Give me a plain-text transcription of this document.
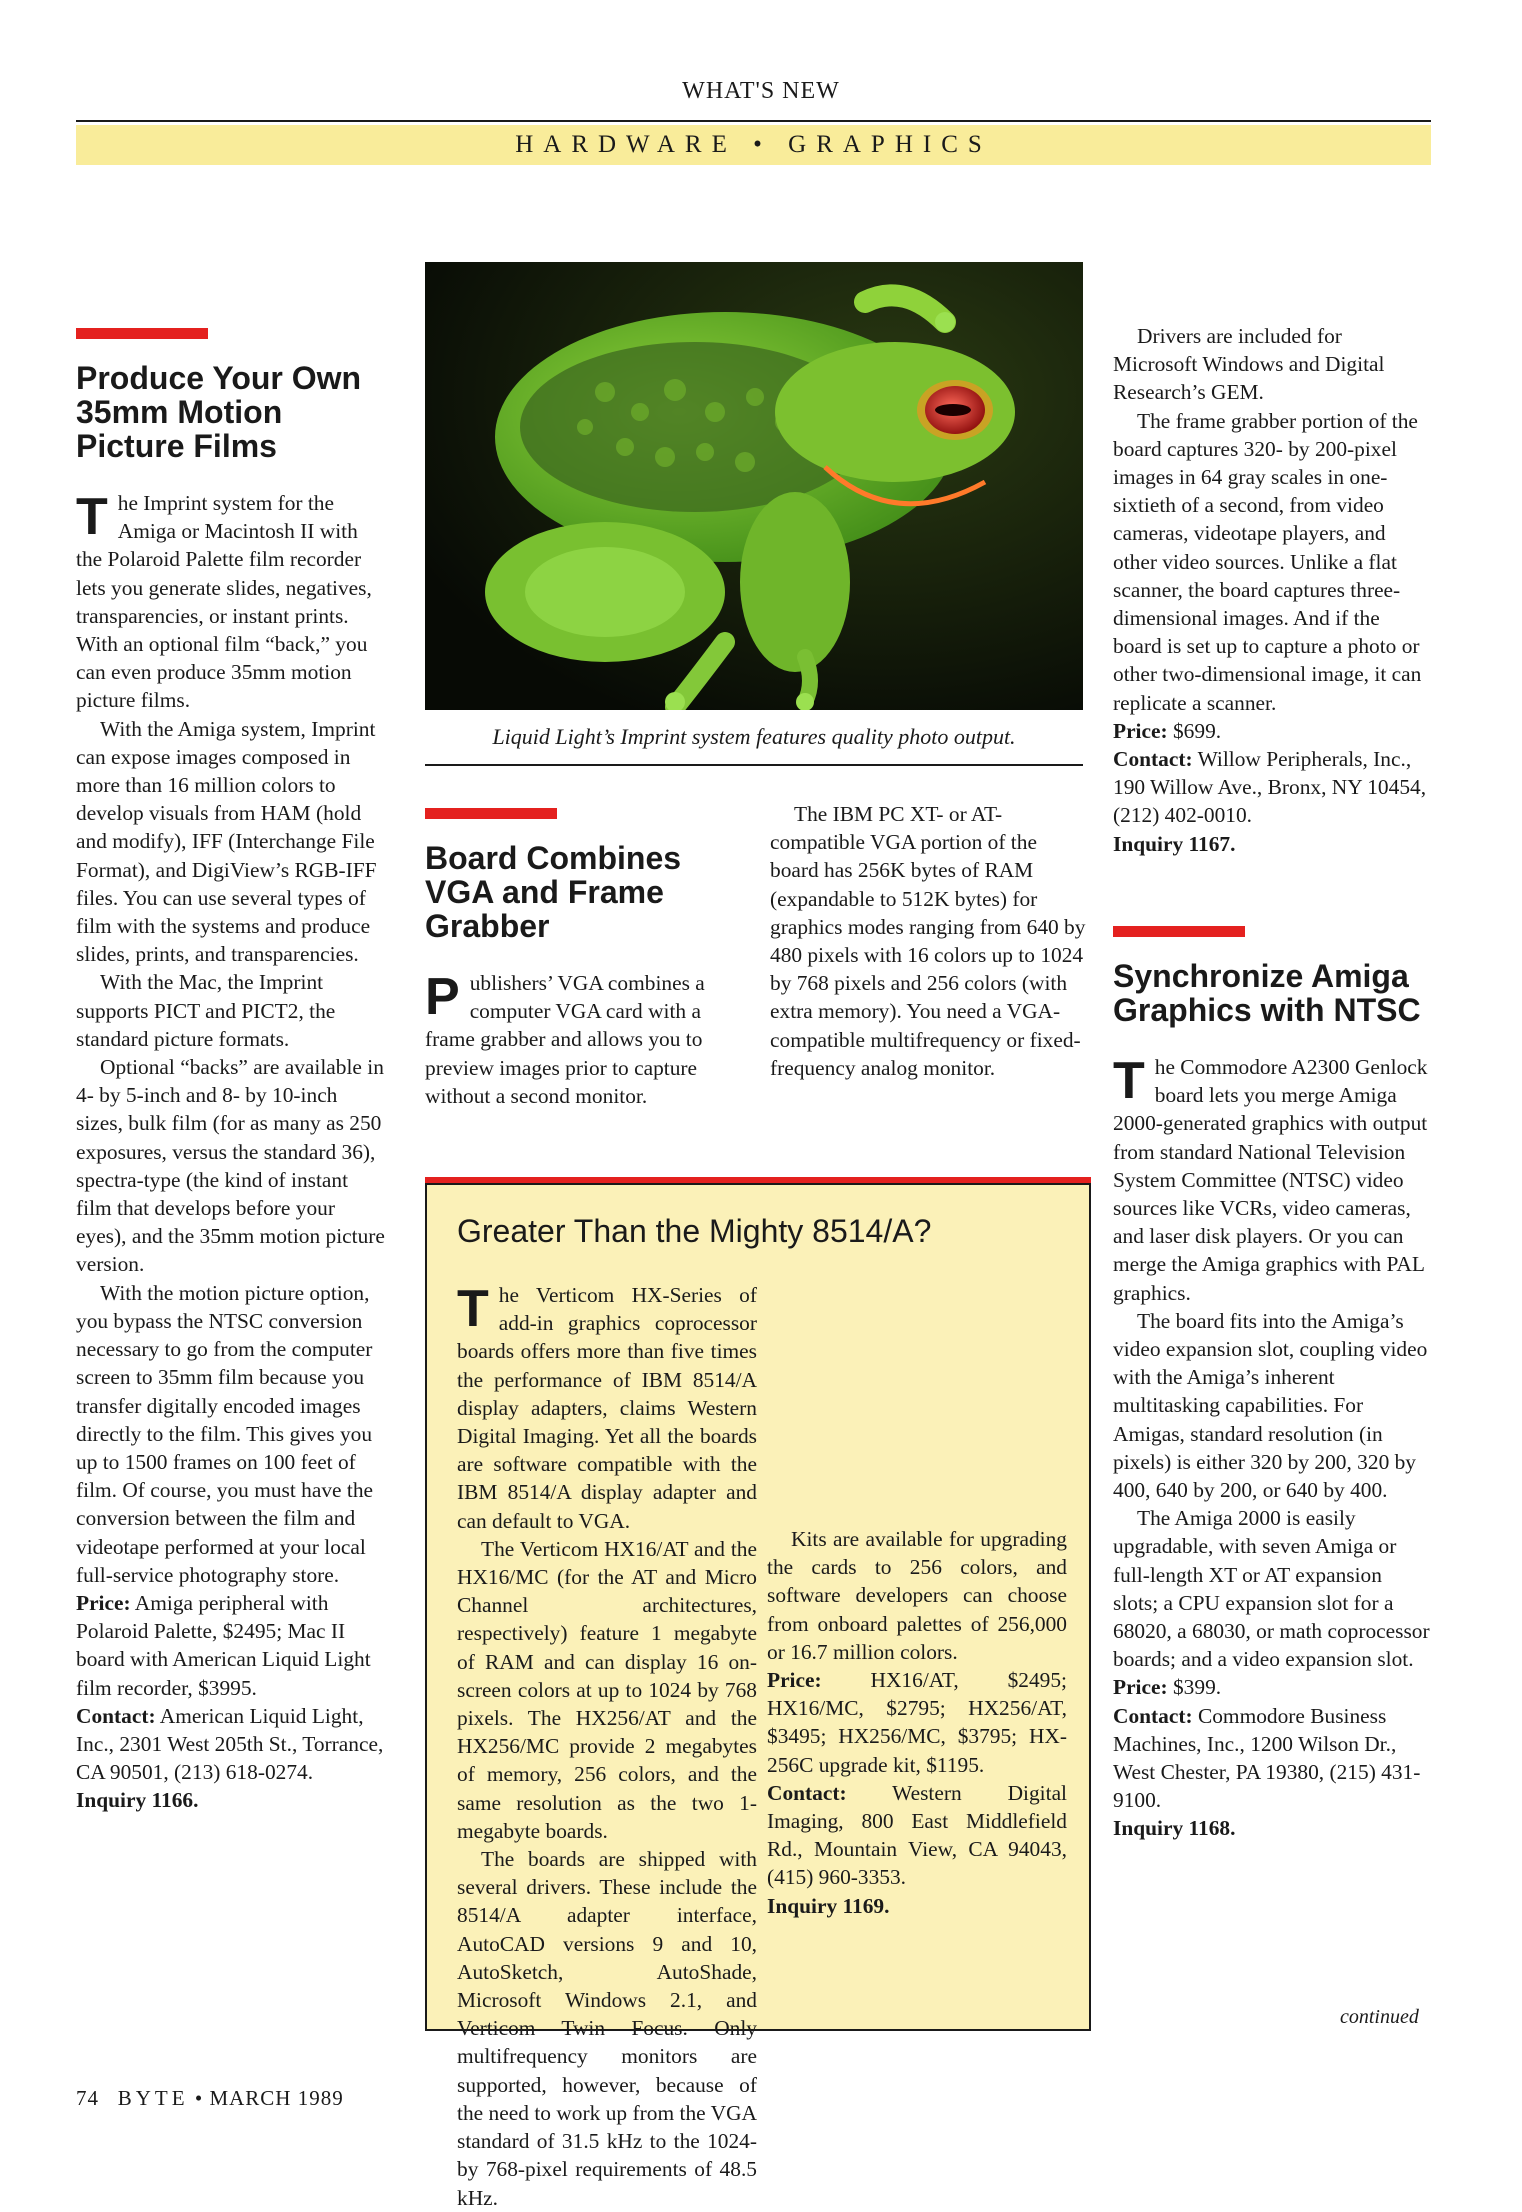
WHAT'S NEW
HARDWARE • GRAPHICS
Produce Your Own 35mm Motion Picture Films

The Imprint system for the Amiga or Macintosh II with the Polaroid Palette film recorder lets you generate slides, negatives, transparencies, or instant prints. With an optional film “back,” you can even produce 35mm motion picture films.

With the Amiga system, Imprint can expose images composed in more than 16 million colors to develop visuals from HAM (hold and modify), IFF (Interchange File Format), and DigiView’s RGB-IFF files. You can use several types of film with the systems and produce slides, prints, and transparencies.

With the Mac, the Imprint supports PICT and PICT2, the standard picture formats.

Optional “backs” are available in 4- by 5-inch and 8- by 10-inch sizes, bulk film (for as many as 250 exposures, versus the standard 36), spectra-type (the kind of instant film that develops before your eyes), and the 35mm motion picture version.

With the motion picture option, you bypass the NTSC conversion necessary to go from the computer screen to 35mm film because you transfer digitally encoded images directly to the film. This gives you up to 1500 frames on 100 feet of film. Of course, you must have the conversion between the film and videotape performed at your local full-service photography store.

Price: Amiga peripheral with Polaroid Palette, $2495; Mac II board with American Liquid Light film recorder, $3995.
Contact: American Liquid Light, Inc., 2301 West 205th St., Torrance, CA 90501, (213) 618-0274.
Inquiry 1166.
Liquid Light’s Imprint system features quality photo output.
Board Combines VGA and Frame Grabber

Publishers’ VGA combines a computer VGA card with a frame grabber and allows you to preview images prior to capture without a second monitor.

The IBM PC XT- or AT-compatible VGA portion of the board has 256K bytes of RAM (expandable to 512K bytes) for graphics modes ranging from 640 by 480 pixels with 16 colors up to 1024 by 768 pixels and 256 colors (with extra memory). You need a VGA-compatible multifrequency or fixed-frequency analog monitor.

Greater Than the Mighty 8514/A?

The Verticom HX-Series of add-in graphics coprocessor boards offers more than five times the performance of IBM 8514/A display adapters, claims Western Digital Imaging. Yet all the boards are software compatible with the IBM 8514/A display adapter and can default to VGA.

The Verticom HX16/AT and the HX16/MC (for the AT and Micro Channel architectures, respectively) feature 1 megabyte of RAM and can display 16 on-screen colors at up to 1024 by 768 pixels. The HX256/AT and the HX256/MC provide 2 megabytes of memory, 256 colors, and the same resolution as the two 1-megabyte boards.

The boards are shipped with several drivers. These include the 8514/A adapter interface, AutoCAD versions 9 and 10, AutoSketch, AutoShade, Microsoft Windows 2.1, and Verticom Twin Focus. Only multifrequency monitors are supported, however, because of the need to work up from the VGA standard of 31.5 kHz to the 1024- by 768-pixel requirements of 48.5 kHz.

Kits are available for upgrading the cards to 256 colors, and software developers can choose from onboard palettes of 256,000 or 16.7 million colors.

Price: HX16/AT, $2495; HX16/MC, $2795; HX256/AT, $3495; HX256/MC, $3795; HX-256C upgrade kit, $1195.
Contact: Western Digital Imaging, 800 East Middlefield Rd., Mountain View, CA 94043, (415) 960-3353.
Inquiry 1169.

Drivers are included for Microsoft Windows and Digital Research’s GEM.

The frame grabber portion of the board captures 320- by 200-pixel images in 64 gray scales in one-sixtieth of a second, from video cameras, videotape players, and other video sources. Unlike a flat scanner, the board captures three-dimensional images. And if the board is set up to capture a photo or other two-dimensional image, it can replicate a scanner.

Price: $699.
Contact: Willow Peripherals, Inc., 190 Willow Ave., Bronx, NY 10454, (212) 402-0010.
Inquiry 1167.
Synchronize Amiga Graphics with NTSC

The Commodore A2300 Genlock board lets you merge Amiga 2000-generated graphics with output from standard National Television System Committee (NTSC) video sources like VCRs, video cameras, and laser disk players. Or you can merge the Amiga graphics with PAL graphics.

The board fits into the Amiga’s video expansion slot, coupling video with the Amiga’s inherent multitasking capabilities. For Amigas, standard resolution (in pixels) is either 320 by 200, 320 by 400, 640 by 200, or 640 by 400.

The Amiga 2000 is easily upgradable, with seven Amiga or full-length XT or AT expansion slots; a CPU expansion slot for a 68020, a 68030, or math coprocessor boards; and a video expansion slot.

Price: $399.
Contact: Commodore Business Machines, Inc., 1200 Wilson Dr., West Chester, PA 19380, (215) 431-9100.
Inquiry 1168.
continued
74 BYTE • MARCH 1989
